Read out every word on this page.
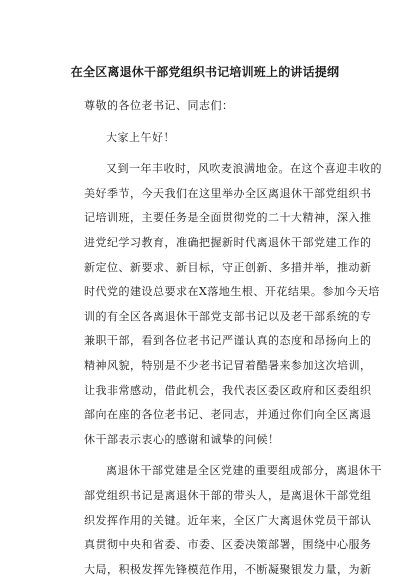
在全区离退休干部党组织书记培训班上的讲话提纲

尊敬的各位老书记、同志们：

大家上午好！

又到一年丰收时，风吹麦浪满地金。在这个喜迎丰收的

美好季节，今天我们在这里举办全区离退休干部党组织书

记培训班，主要任务是全面贯彻党的二十大精神，深入推

进党纪学习教育，准确把握新时代离退休干部党建工作的

新定位、新要求、新目标，守正创新、多措并举，推动新

时代党的建设总要求在X落地生根、开花结果。参加今天培

训的有全区各离退休干部党支部书记以及老干部系统的专

兼职干部，看到各位老书记严谨认真的态度和昂扬向上的

精神风貌，特别是不少老书记冒着酷暑来参加这次培训，

让我非常感动，借此机会，我代表区委区政府和区委组织

部向在座的各位老书记、老同志，并通过你们向全区离退

休干部表示衷心的感谢和诚挚的问候！

离退休干部党建是全区党建的重要组成部分，离退休干

部党组织书记是离退休干部的带头人，是离退休干部党组

织发挥作用的关键。近年来，全区广大离退休党员干部认

真贯彻中央和省委、市委、区委决策部署，围绕中心服务

大局，积极发挥先锋模范作用，不断凝聚银发力量，为新
